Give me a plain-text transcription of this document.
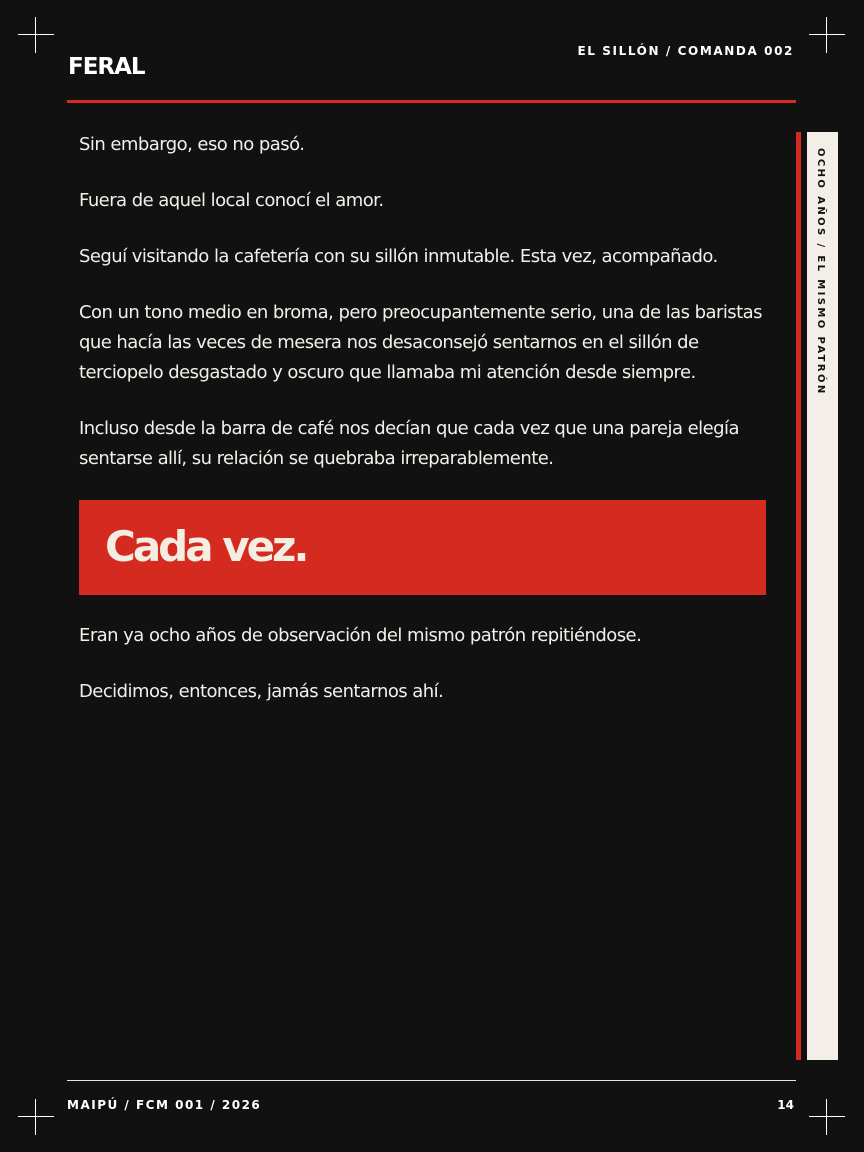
FERAL
EL SILLÓN / COMANDA 002

Sin embargo, eso no pasó.

Fuera de aquel local conocí el amor.

Seguí visitando la cafetería con su sillón inmutable. Esta vez, acompañado.

Con un tono medio en broma, pero preocupantemente serio, una de las baristas que hacía las veces de mesera nos desaconsejó sentarnos en el sillón de terciopelo desgastado y oscuro que llamaba mi atención desde siempre.

Incluso desde la barra de café nos decían que cada vez que una pareja elegía sentarse allí, su relación se quebraba irreparablemente.

Cada vez.

Eran ya ocho años de observación del mismo patrón repitiéndose.

Decidimos, entonces, jamás sentarnos ahí.

OCHO AÑOS / EL MISMO PATRÓN
MAIPÚ / FCM 001 / 2026	14
